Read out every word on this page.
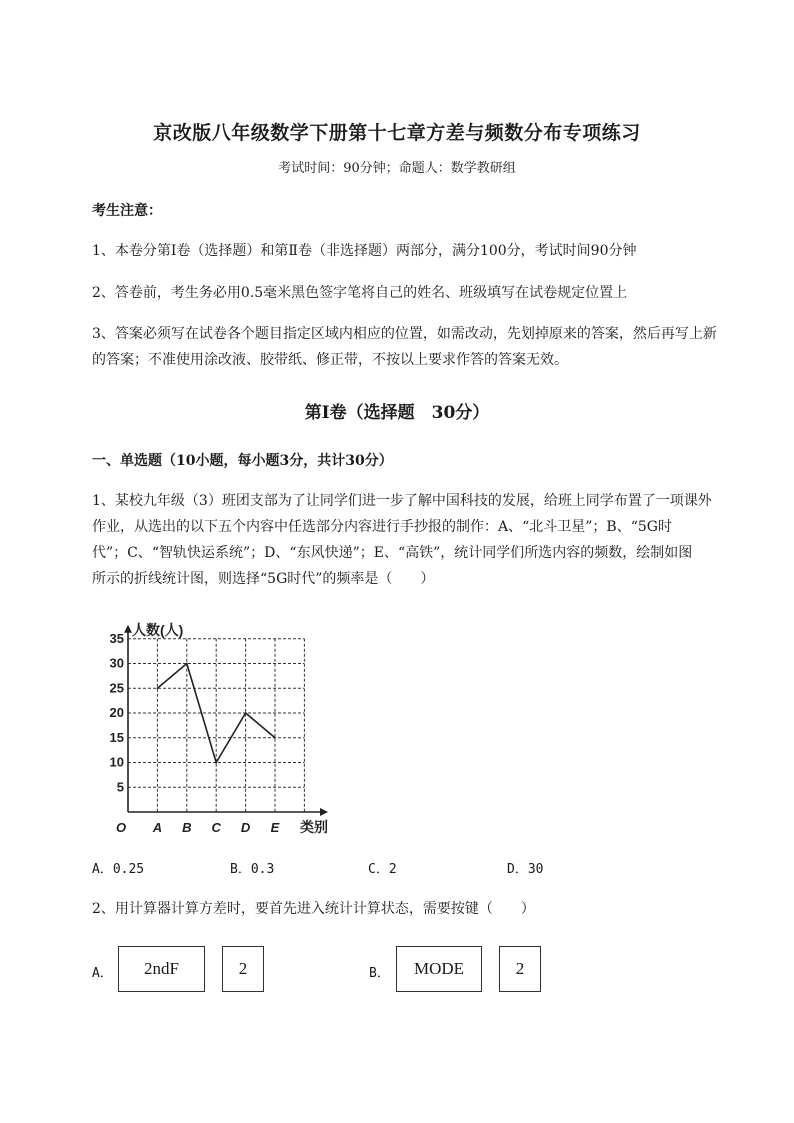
京改版八年级数学下册第十七章方差与频数分布专项练习
考试时间：90分钟；命题人：数学教研组
考生注意：
1、本卷分第I卷（选择题）和第Ⅱ卷（非选择题）两部分，满分100分，考试时间90分钟
2、答卷前，考生务必用0.5毫米黑色签字笔将自己的姓名、班级填写在试卷规定位置上
3、答案必须写在试卷各个题目指定区域内相应的位置，如需改动，先划掉原来的答案，然后再写上新
的答案；不准使用涂改液、胶带纸、修正带，不按以上要求作答的答案无效。
第I卷（选择题　30分）
一、单选题（10小题，每小题3分，共计30分）
1、某校九年级（3）班团支部为了让同学们进一步了解中国科技的发展，给班上同学布置了一项课外
作业，从选出的以下五个内容中任选部分内容进行手抄报的制作：A、“北斗卫星”；B、“5G时
代”；C、“智轨快运系统”；D、“东风快递”；E、“高铁”，统计同学们所选内容的频数，绘制如图
所示的折线统计图，则选择“5G时代”的频率是（　　）
5
10
15
20
25
30
35
人数(人)
类别
O A B C D E
A．0.25	B．0.3	C．2	D．30
2、用计算器计算方差时，要首先进入统计计算状态，需要按键（　　）
A．	2ndF	2	B．	MODE	2
